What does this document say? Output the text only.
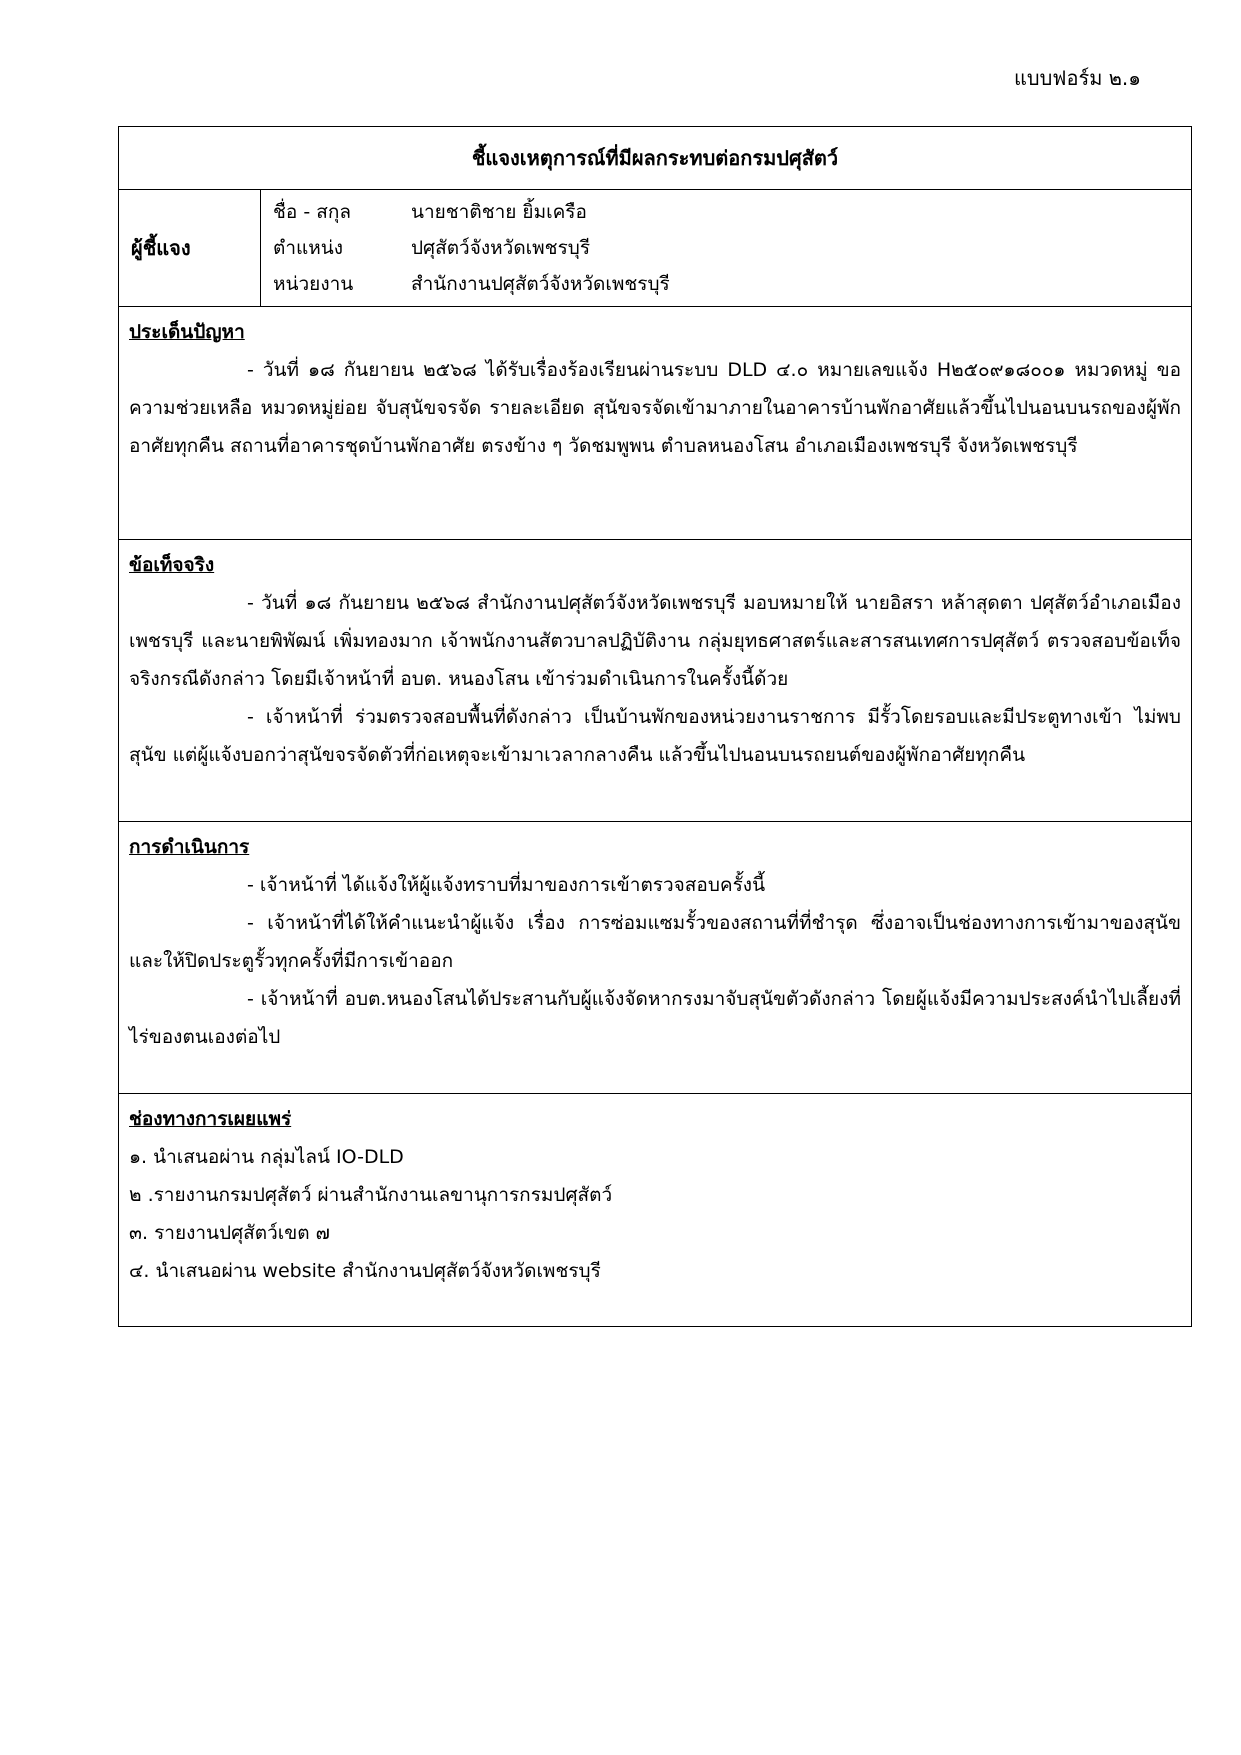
แบบฟอร์ม ๒.๑
ชี้แจงเหตุการณ์ที่มีผลกระทบต่อกรมปศุสัตว์
ผู้ชี้แจง
ชื่อ - สกุล	นายชาติชาย ยิ้มเครือ
ตำแหน่ง	ปศุสัตว์จังหวัดเพชรบุรี
หน่วยงาน	สำนักงานปศุสัตว์จังหวัดเพชรบุรี
ประเด็นปัญหา

- วันที่ ๑๘ กันยายน ๒๕๖๘ ได้รับเรื่องร้องเรียนผ่านระบบ DLD ๔.๐ หมายเลขแจ้ง H๒๕๐๙๑๘๐๐๑ หมวดหมู่ ขอความช่วยเหลือ หมวดหมู่ย่อย จับสุนัขจรจัด รายละเอียด สุนัขจรจัดเข้ามาภายในอาคารบ้านพักอาศัยแล้วขึ้นไปนอนบนรถของผู้พักอาศัยทุกคืน สถานที่อาคารชุดบ้านพักอาศัย ตรงข้าง ๆ วัดชมพูพน ตำบลหนองโสน อำเภอเมืองเพชรบุรี จังหวัดเพชรบุรี

ข้อเท็จจริง

- วันที่ ๑๘ กันยายน ๒๕๖๘ สำนักงานปศุสัตว์จังหวัดเพชรบุรี มอบหมายให้ นายอิสรา หล้าสุดตา ปศุสัตว์อำเภอเมืองเพชรบุรี และนายพิพัฒน์ เพิ่มทองมาก เจ้าพนักงานสัตวบาลปฏิบัติงาน กลุ่มยุทธศาสตร์และสารสนเทศการปศุสัตว์ ตรวจสอบข้อเท็จจริงกรณีดังกล่าว โดยมีเจ้าหน้าที่ อบต. หนองโสน เข้าร่วมดำเนินการในครั้งนี้ด้วย

- เจ้าหน้าที่ ร่วมตรวจสอบพื้นที่ดังกล่าว เป็นบ้านพักของหน่วยงานราชการ มีรั้วโดยรอบและมีประตูทางเข้า ไม่พบสุนัข แต่ผู้แจ้งบอกว่าสุนัขจรจัดตัวที่ก่อเหตุจะเข้ามาเวลากลางคืน แล้วขึ้นไปนอนบนรถยนต์ของผู้พักอาศัยทุกคืน

การดำเนินการ

- เจ้าหน้าที่ ได้แจ้งให้ผู้แจ้งทราบที่มาของการเข้าตรวจสอบครั้งนี้

- เจ้าหน้าที่ได้ให้คำแนะนำผู้แจ้ง เรื่อง การซ่อมแซมรั้วของสถานที่ที่ชำรุด ซึ่งอาจเป็นช่องทางการเข้ามาของสุนัข และให้ปิดประตูรั้วทุกครั้งที่มีการเข้าออก

- เจ้าหน้าที่ อบต.หนองโสนได้ประสานกับผู้แจ้งจัดหากรงมาจับสุนัขตัวดังกล่าว โดยผู้แจ้งมีความประสงค์นำไปเลี้ยงที่ไร่ของตนเองต่อไป

ช่องทางการเผยแพร่

๑. นำเสนอผ่าน กลุ่มไลน์ IO-DLD

๒ .รายงานกรมปศุสัตว์ ผ่านสำนักงานเลขานุการกรมปศุสัตว์

๓. รายงานปศุสัตว์เขต ๗

๔. นำเสนอผ่าน website สำนักงานปศุสัตว์จังหวัดเพชรบุรี
